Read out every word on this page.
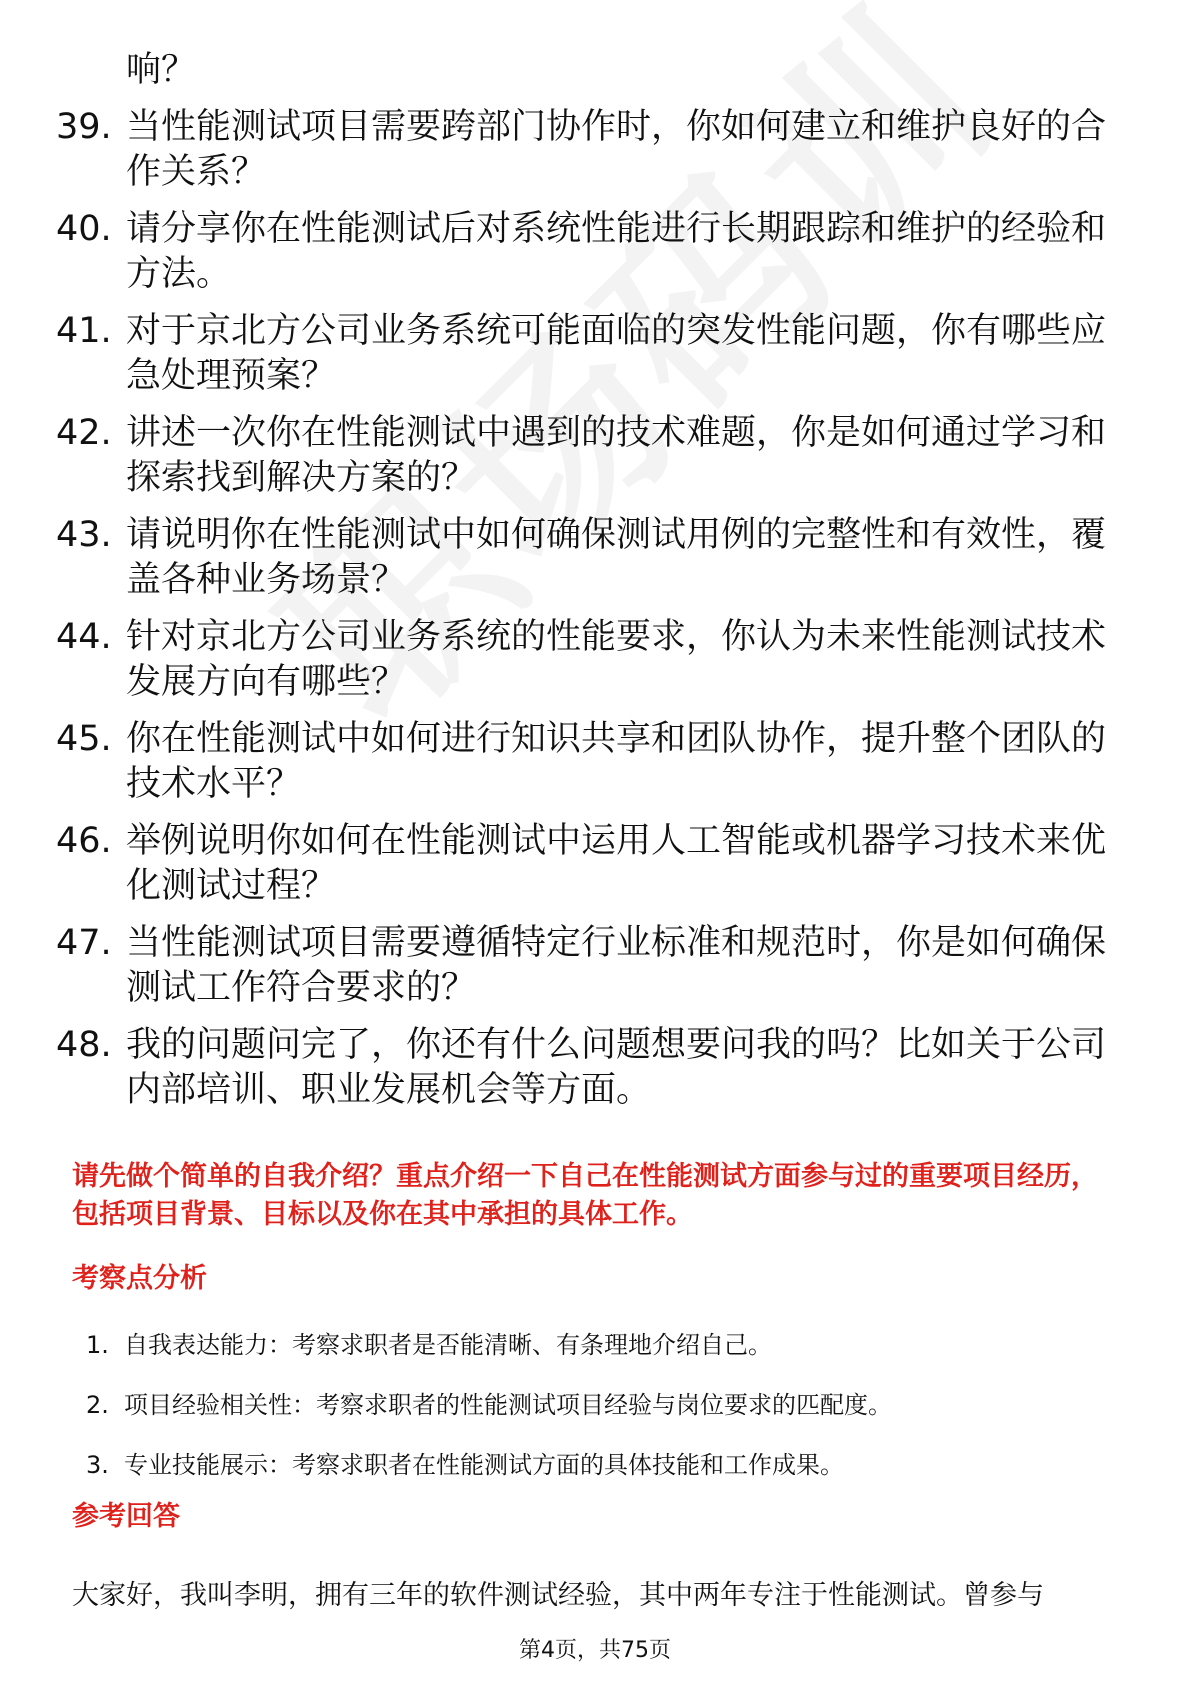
响？
39. 当性能测试项目需要跨部门协作时，你如何建立和维护良好的合作关系？
40. 请分享你在性能测试后对系统性能进行长期跟踪和维护的经验和方法。
41. 对于京北方公司业务系统可能面临的突发性能问题，你有哪些应急处理预案？
42. 讲述一次你在性能测试中遇到的技术难题，你是如何通过学习和探索找到解决方案的？
43. 请说明你在性能测试中如何确保测试用例的完整性和有效性，覆盖各种业务场景？
44. 针对京北方公司业务系统的性能要求，你认为未来性能测试技术发展方向有哪些？
45. 你在性能测试中如何进行知识共享和团队协作，提升整个团队的技术水平？
46. 举例说明你如何在性能测试中运用人工智能或机器学习技术来优化测试过程？
47. 当性能测试项目需要遵循特定行业标准和规范时，你是如何确保测试工作符合要求的？
48. 我的问题问完了，你还有什么问题想要问我的吗？比如关于公司内部培训、职业发展机会等方面。
请先做个简单的自我介绍？重点介绍一下自己在性能测试方面参与过的重要项目经历，包括项目背景、目标以及你在其中承担的具体工作。
考察点分析
1. 自我表达能力：考察求职者是否能清晰、有条理地介绍自己。
2. 项目经验相关性：考察求职者的性能测试项目经验与岗位要求的匹配度。
3. 专业技能展示：考察求职者在性能测试方面的具体技能和工作成果。
参考回答
大家好，我叫李明，拥有三年的软件测试经验，其中两年专注于性能测试。曾参与
第4页，共75页
